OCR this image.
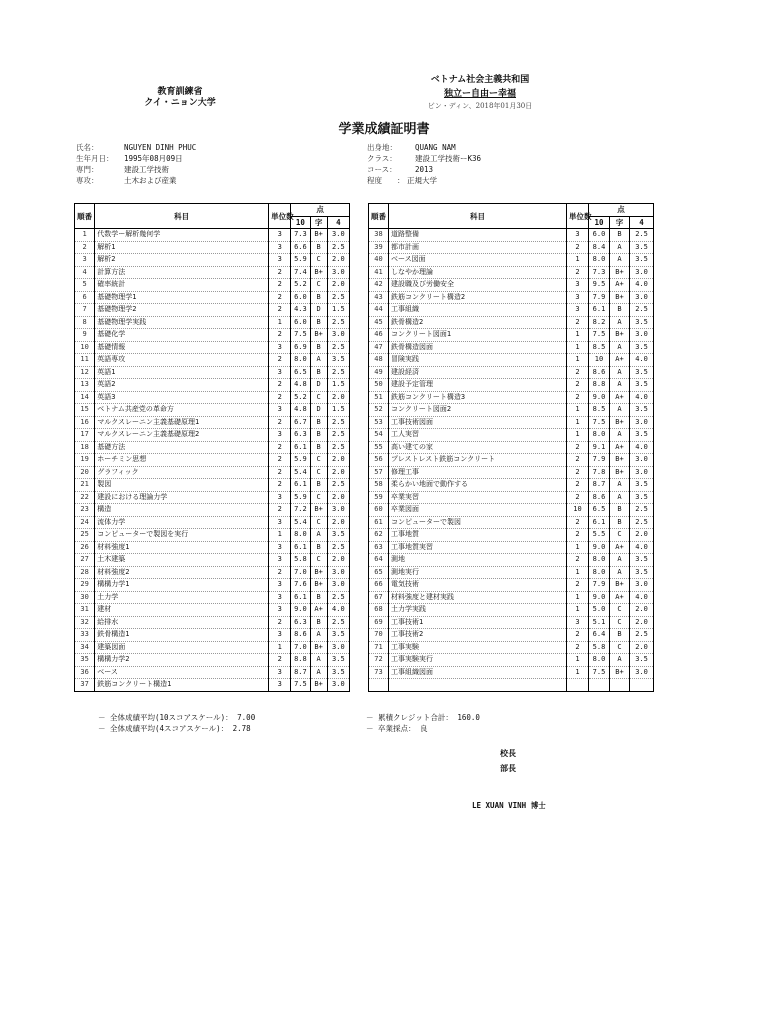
教育訓練省
クイ・ニョン大学
ベトナム社会主義共和国
独立ー自由ー幸福
ビン・ディン、2018年01月30日
学業成績証明書
氏名：	NGUYEN DINH PHUC
生年月日： 1995年08月09日
専門：	建設工学技術
専攻：	土木および産業
出身地： QUANG NAM
クラス： 建設工学技術ーK36
コース： 2013
程度 ： 正規大学
順番	科目	単位数	点		
			10	字	4
1	代数学ー解析幾何学	3	7.3	B+	3.0
2	解析1	3	6.6	B	2.5
3	解析2	3	5.9	C	2.0
4	計算方法	2	7.4	B+	3.0
5	確率統計	2	5.2	C	2.0
6	基礎物理学1	2	6.0	B	2.5
7	基礎物理学2	2	4.3	D	1.5
8	基礎物理学実践	1	6.0	B	2.5
9	基礎化学	2	7.5	B+	3.0
10	基礎情報	3	6.9	B	2.5
11	英語専攻	2	8.0	A	3.5
12	英語1	3	6.5	B	2.5
13	英語2	2	4.8	D	1.5
14	英語3	2	5.2	C	2.0
15	ベトナム共産党の革命方	3	4.8	D	1.5
16	マルクスレーニン主義基礎原理1	2	6.7	B	2.5
17	マルクスレーニン主義基礎原理2	3	6.3	B	2.5
18	基礎方法	2	6.1	B	2.5
19	ホーチミン思想	2	5.9	C	2.0
20	グラフィック	2	5.4	C	2.0
21	製図	2	6.1	B	2.5
22	建設における理論力学	3	5.9	C	2.0
23	構造	2	7.2	B+	3.0
24	流体力学	3	5.4	C	2.0
25	コンピューターで製図を実行	1	8.0	A	3.5
26	材料強度1	3	6.1	B	2.5
27	土木建築	3	5.8	C	2.0
28	材料強度2	2	7.0	B+	3.0
29	構構力学1	3	7.6	B+	3.0
30	土力学	3	6.1	B	2.5
31	建材	3	9.0	A+	4.0
32	給排水	2	6.3	B	2.5
33	鉄骨構造1	3	8.6	A	3.5
34	建築図面	1	7.0	B+	3.0
35	構構力学2	2	8.8	A	3.5
36	ベース	3	8.7	A	3.5
37	鉄筋コンクリート構造1	3	7.5	B+	3.0
順番	科目	単位数	点		
			10	字	4
38	道路整備	3	6.0	B	2.5
39	都市計画	2	8.4	A	3.5
40	ベース図面	1	8.0	A	3.5
41	しなやか理論	2	7.3	B+	3.0
42	建設職及び労働安全	3	9.5	A+	4.0
43	鉄筋コンクリート構造2	3	7.9	B+	3.0
44	工事組織	3	6.1	B	2.5
45	鉄骨構造2	2	8.2	A	3.5
46	コンクリート図面1	1	7.5	B+	3.0
47	鉄骨構造図面	1	8.5	A	3.5
48	冒険実践	1	10	A+	4.0
49	建設経済	2	8.6	A	3.5
50	建設予定管理	2	8.8	A	3.5
51	鉄筋コンクリート構造3	2	9.0	A+	4.0
52	コンクリート図面2	1	8.5	A	3.5
53	工事技術図面	1	7.5	B+	3.0
54	工人実習	1	8.0	A	3.5
55	高い建ての家	2	9.1	A+	4.0
56	プレストレスト鉄筋コンクリート	2	7.9	B+	3.0
57	修理工事	2	7.8	B+	3.0
58	柔らかい地面で動作する	2	8.7	A	3.5
59	卒業実習	2	8.6	A	3.5
60	卒業図面	10	6.5	B	2.5
61	コンピューターで製図	2	6.1	B	2.5
62	工事地質	2	5.5	C	2.0
63	工事地質実習	1	9.0	A+	4.0
64	測地	2	8.0	A	3.5
65	測地実行	1	8.0	A	3.5
66	電気技術	2	7.9	B+	3.0
67	材料強度と建材実践	1	9.0	A+	4.0
68	土力学実践	1	5.0	C	2.0
69	工事技術1	3	5.1	C	2.0
70	工事技術2	2	6.4	B	2.5
71	工事実験	2	5.8	C	2.0
72	工事実験実行	1	8.0	A	3.5
73	工事組織図面	1	7.5	B+	3.0

－ 全体成績平均(10スコアスケール)： 7.00
－ 全体成績平均(4スコアスケール)： 2.78
－ 累積クレジット合計： 160.0
－ 卒業採点： 良
校長
部長
LE XUAN VINH 博士
